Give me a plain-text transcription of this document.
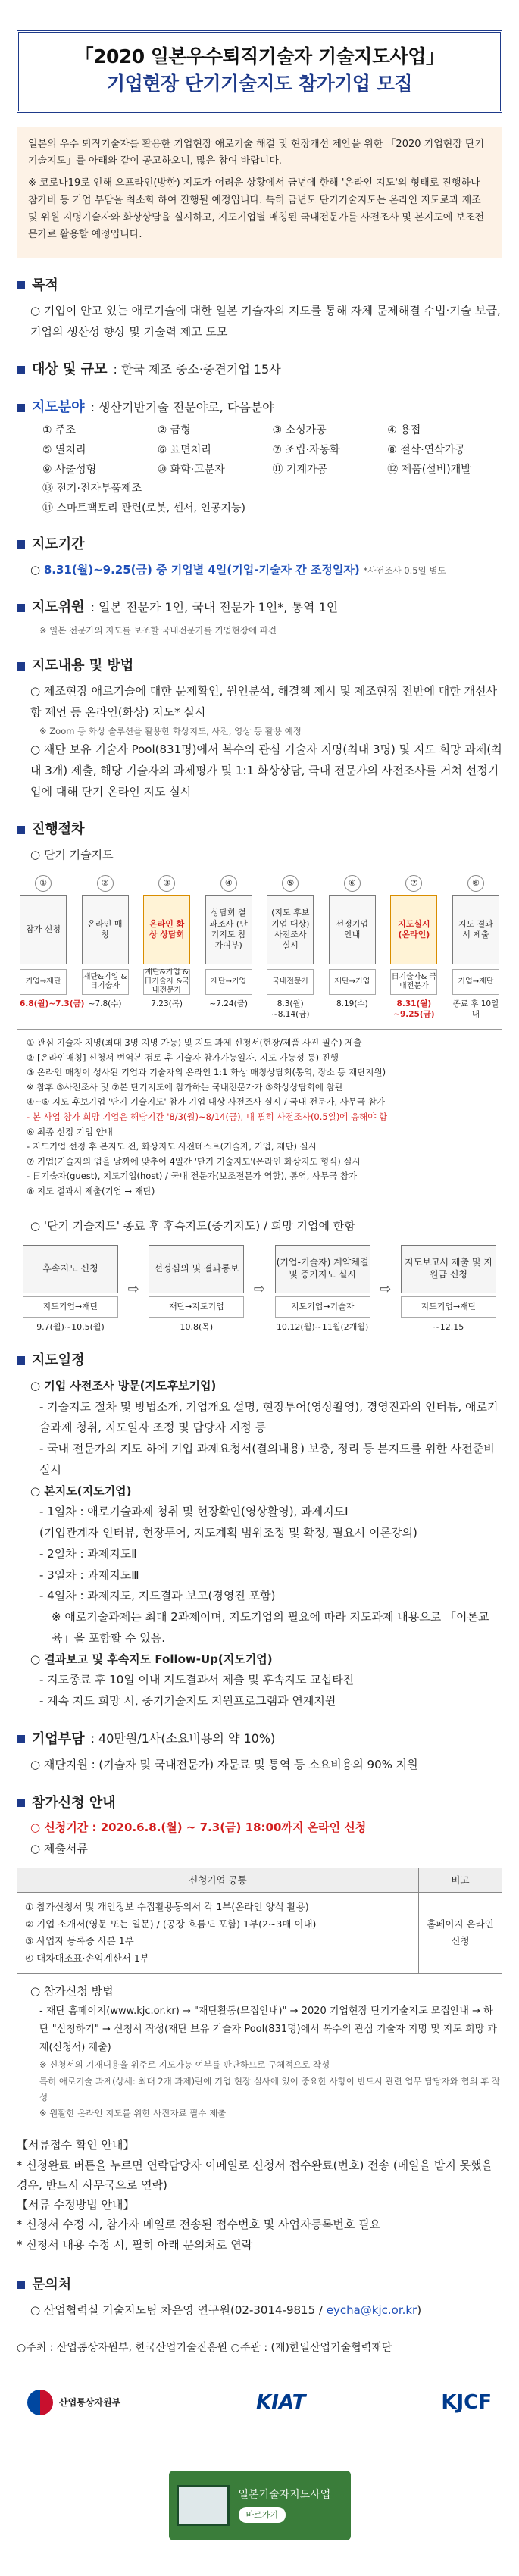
「2020 일본우수퇴직기술자 기술지도사업」
기업현장 단기기술지도 참가기업 모집

일본의 우수 퇴직기술자를 활용한 기업현장 애로기술 해결 및 현장개선 제안을 위한 「2020 기업현장 단기기술지도」를 아래와 같이 공고하오니, 많은 참여 바랍니다.

※ 코로나19로 인해 오프라인(방한) 지도가 어려운 상황에서 금년에 한해 '온라인 지도'의 형태로 진행하나 참가비 등 기업 부담을 최소화 하여 진행될 예정입니다. 특히 금년도 단기기술지도는 온라인 지도로과 제조 및 위원 지명기술자와 화상상담을 실시하고, 지도기업별 매칭된 국내전문가를 사전조사 및 본지도에 보조전문가로 활용할 예정입니다.

목적
○ 기업이 안고 있는 애로기술에 대한 일본 기술자의 지도를 통해 자체 문제해결 수법·기술 보급, 기업의 생산성 향상 및 기술력 제고 도모
대상 및 규모 : 한국 제조 중소·중견기업 15사
지도분야 : 생산기반기술 전문야로, 다음분야
① 주조	② 금형	③ 소성가공	④ 용접
⑤ 열처리	⑥ 표면처리	⑦ 조립·자동화	⑧ 절삭·연삭가공
⑨ 사출성형	⑩ 화학·고분자	⑪ 기계가공	⑫ 제품(설비)개발
⑬ 전기·전자부품제조
⑭ 스마트팩토리 관련(로봇, 센서, 인공지능)
지도기간
○ 8.31(월)~9.25(금) 중 기업별 4일(기업-기술자 간 조정일자) *사전조사 0.5일 별도
지도위원 : 일본 전문가 1인, 국내 전문가 1인*, 통역 1인
※ 일본 전문가의 지도를 보조할 국내전문가를 기업현장에 파견
지도내용 및 방법
○ 제조현장 애로기술에 대한 문제확인, 원인분석, 해결책 제시 및 제조현장 전반에 대한 개선사항 제언 등 온라인(화상) 지도* 실시
※ Zoom 등 화상 솔루션을 활용한 화상지도, 사전, 영상 등 활용 예정
○ 재단 보유 기술자 Pool(831명)에서 복수의 관심 기술자 지명(최대 3명) 및 지도 희망 과제(최대 3개) 제출, 해당 기술자의 과제평가 및 1:1 화상상담, 국내 전문가의 사전조사를 거쳐 선정기업에 대해 단기 온라인 지도 실시
진행절차
○ 단기 기술지도
①
참가 신청
기업→재단
6.8(월)~7.3(금)
②
온라인 매칭
재단&기업 &日기술자
~7.8(수)
③
온라인 화상 상담회
재단&기업 &日기술자 &국내전문가
7.23(목)
④
상담회 결과조사 (단기지도 참가여부)
재단→기업
~7.24(금)
⑤
(지도 후보 기업 대상) 사전조사 실시
국내전문가
8.3(월) ~8.14(금)
⑥
선정기업 안내
재단→기업
8.19(수)
⑦
지도실시 (온라인)
日기술자& 국내전문가
8.31(월) ~9.25(금)
⑧
지도 결과서 제출
기업→재단
종료 후 10일 내
① 관심 기술자 지명(최대 3명 지명 가능) 및 지도 과제 신청서(현장/제품 사진 필수) 제출
② [온라인매칭] 신청서 번역본 검토 후 기술자 참가가능일자, 지도 가능성 등) 진행
③ 온라인 매칭이 성사된 기업과 기술자의 온라인 1:1 화상 매칭상담회(통역, 장소 등 재단지원)
※ 참후 ③사전조사 및 ⑦본 단기지도에 참가하는 국내전문가가 ③화상상담회에 참관
④~⑤ 지도 후보기업 '단기 기술지도' 참가 기업 대상 사전조사 실시 / 국내 전문가, 사무국 참가
- 본 사업 참가 희망 기업은 해당기간 '8/3(월)~8/14(금), 내 필히 사전조사(0.5일)에 응해야 함
⑥ 최종 선정 기업 안내
- 지도기업 선정 후 본지도 전, 화상지도 사전테스트(기술자, 기업, 재단) 실시
⑦ 기업(기술자의 업을 날짜에 맞추어 4일간 '단기 기술지도'(온라인 화상지도 형식) 실시
- 日기술자(guest), 지도기업(host) / 국내 전문가(보조전문가 역할), 통역, 사무국 참가
⑧ 지도 결과서 제출(기업 → 재단)
○ '단기 기술지도' 종료 후 후속지도(중기지도) / 희망 기업에 한함
후속지도 신청
지도기업→재단
9.7(월)~10.5(월)
⇨
선정심의 및 결과통보
재단→지도기업
10.8(목)
⇨
(기업-기술자) 계약체결 및 중기지도 실시
지도기업→기술자
10.12(월)~11월(2개월)
⇨
지도보고서 제출 및 지원금 신청
지도기업→재단
~12.15
지도일정
○ 기업 사전조사 방문(지도후보기업)
- 기술지도 절차 및 방법소개, 기업개요 설명, 현장투어(영상촬영), 경영진과의 인터뷰, 애로기술과제 청취, 지도일자 조정 및 담당자 지정 등
- 국내 전문가의 지도 하에 기업 과제요청서(결의내용) 보충, 정리 등 본지도를 위한 사전준비 실시
○ 본지도(지도기업)
- 1일차 : 애로기술과제 청취 및 현장확인(영상활영), 과제지도Ⅰ
(기업관계자 인터뷰, 현장투어, 지도계획 범위조정 및 확정, 필요시 이론강의)
- 2일차 : 과제지도Ⅱ
- 3일차 : 과제지도Ⅲ
- 4일차 : 과제지도, 지도결과 보고(경영진 포함)
※ 애로기술과제는 최대 2과제이며, 지도기업의 필요에 따라 지도과제 내용으로 「이론교육」을 포함할 수 있음.
○ 결과보고 및 후속지도 Follow-Up(지도기업)
- 지도종료 후 10일 이내 지도결과서 제출 및 후속지도 교섭타진
- 계속 지도 희망 시, 중기기술지도 지원프로그램과 연계지원
기업부담 : 40만원/1사(소요비용의 약 10%)
○ 재단지원 : (기술자 및 국내전문가) 자문료 및 통역 등 소요비용의 90% 지원
참가신청 안내
○ 신청기간 : 2020.6.8.(월) ~ 7.3(금) 18:00까지 온라인 신청
○ 제출서류
신청기업 공통	비고

① 참가신청서 및 개인정보 수집활용동의서 각 1부(온라인 양식 활용)
② 기업 소개서(영문 또는 일문) / (공장 흐름도 포함) 1부(2~3매 이내)
③ 사업자 등록증 사본 1부
④ 대차대조표·손익계산서 1부	홈페이지 온라인 신청
○ 참가신청 방법
- 재단 홈페이지(www.kjc.or.kr) → "재단활동(모집안내)" → 2020 기업현장 단기기술지도 모집안내 → 하단 "신청하기" → 신청서 작성(재단 보유 기술자 Pool(831명)에서 복수의 관심 기술자 지명 및 지도 희망 과제(신청서) 제출)
※ 신청서의 기재내용을 위주로 지도가능 여부를 판단하므로 구체적으로 작성
특히 애로기술 과제(상세: 최대 2개 과제)란에 기업 현장 실사에 있어 중요한 사항이 반드시 관련 업무 담당자와 협의 후 작성
※ 원활한 온라인 지도를 위한 사진자료 필수 제출
【서류접수 확인 안내】
* 신청완료 버튼을 누르면 연락담당자 이메일로 신청서 접수완료(번호) 전송 (메일을 받지 못했을 경우, 반드시 사무국으로 연락)
【서류 수정방법 안내】
* 신청서 수정 시, 참가자 메일로 전송된 접수번호 및 사업자등록번호 필요
* 신청서 내용 수정 시, 필히 아래 문의처로 연락
문의처
○ 산업협력실 기술지도팀 차은영 연구원(02-3014-9815 / eycha@kjc.or.kr)
○주최 : 산업통상자원부, 한국산업기술진흥원 ○주관 : (재)한일산업기술협력재단
산업통상자원부	KIAT	KJCF
일본기술자지도사업
바로가기
